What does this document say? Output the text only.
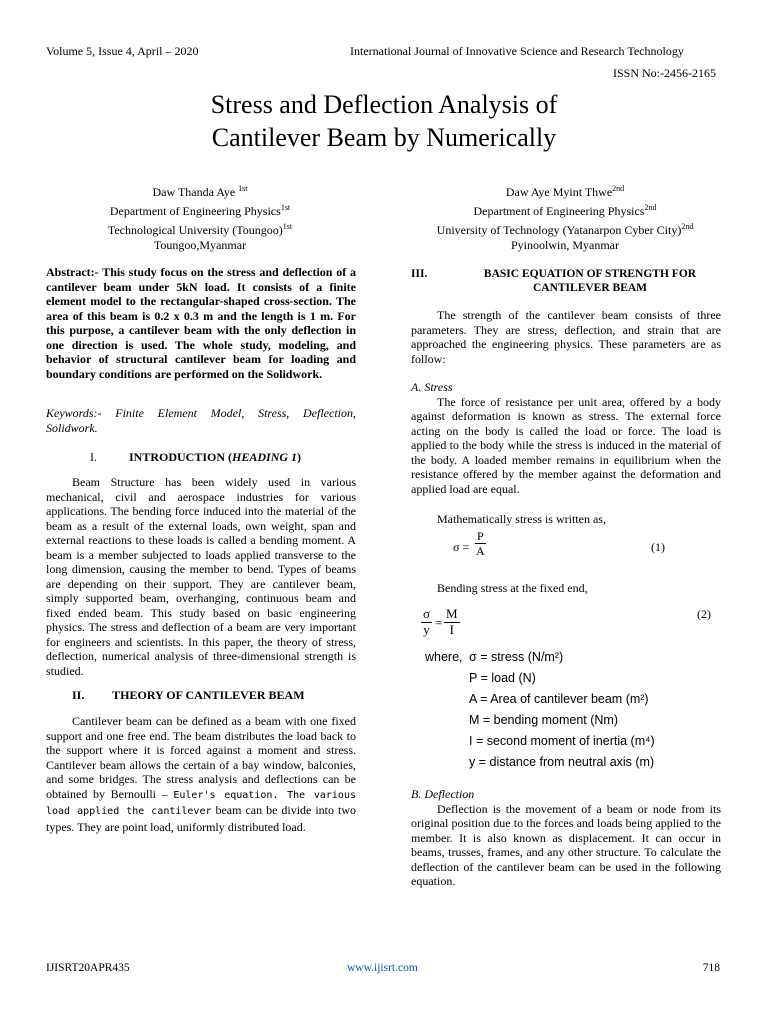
Volume 5, Issue 4, April – 2020	International Journal of Innovative Science and Research Technology
ISSN No:-2456-2165
Stress and Deflection Analysis of
Cantilever Beam by Numerically
Daw Thanda Aye $^{1st}$
Department of Engineering Physics$^{1st}$
Technological University (Toungoo)$^{1st}$
Toungoo,Myanmar
Daw Aye Myint Thwe$^{2nd}$
Department of Engineering Physics$^{2nd}$
University of Technology (Yatanarpon Cyber City)$^{2nd}$
Pyinoolwin, Myanmar
Abstract:- This study focus on the stress and deflection of a cantilever beam under 5kN load. It consists of a finite element model to the rectangular-shaped cross-section. The area of this beam is 0.2 x 0.3 m and the length is 1 m. For this purpose, a cantilever beam with the only deflection in one direction is used. The whole study, modeling, and behavior of structural cantilever beam for loading and boundary conditions are performed on the Solidwork.
Keywords:- Finite Element Model, Stress, Deflection, Solidwork.
I.	INTRODUCTION (HEADING 1)

Beam Structure has been widely used in various mechanical, civil and aerospace industries for various applications. The bending force induced into the material of the beam as a result of the external loads, own weight, span and external reactions to these loads is called a bending moment. A beam is a member subjected to loads applied transverse to the long dimension, causing the member to bend. Types of beams are depending on their support. They are cantilever beam, simply supported beam, overhanging, continuous beam and fixed ended beam. This study based on basic engineering physics. The stress and deflection of a beam are very important for engineers and scientists. In this paper, the theory of stress, deflection, numerical analysis of three-dimensional strength is studied.

II. THEORY OF CANTILEVER BEAM

Cantilever beam can be defined as a beam with one fixed support and one free end. The beam distributes the load back to the support where it is forced against a moment and stress. Cantilever beam allows the certain of a bay window, balconies, and some bridges. The stress analysis and deflections can be obtained by Bernoulli – Euler's equation. The various load applied the cantilever beam can be divide into two types. They are point load, uniformly distributed load.

III.	BASIC EQUATION OF STRENGTH FOR CANTILEVER BEAM

The strength of the cantilever beam consists of three parameters. They are stress, deflection, and strain that are approached the engineering physics. These parameters are as follow:

A. Stress

The force of resistance per unit area, offered by a body against deformation is known as stress. The external force acting on the body is called the load or force. The load is applied to the body while the stress is induced in the material of the body. A loaded member remains in equilibrium when the resistance offered by the member against the deformation and applied load are equal.

Mathematically stress is written as,

$\sigma = \frac{P}{A}$	(1)

Bending stress at the fixed end,

$\frac{\sigma}{y} = \frac{M}{I}$	(2)
where, σ = stress (N/m²)
P = load (N)
A = Area of cantilever beam (m²)
M = bending moment (Nm)
I = second moment of inertia (m⁴)
y = distance from neutral axis (m)
B. Deflection

Deflection is the movement of a beam or node from its original position due to the forces and loads being applied to the member. It is also known as displacement. It can occur in beams, trusses, frames, and any other structure. To calculate the deflection of the cantilever beam can be used in the following equation.

IJISRT20APR435	www.ijisrt.com	718
